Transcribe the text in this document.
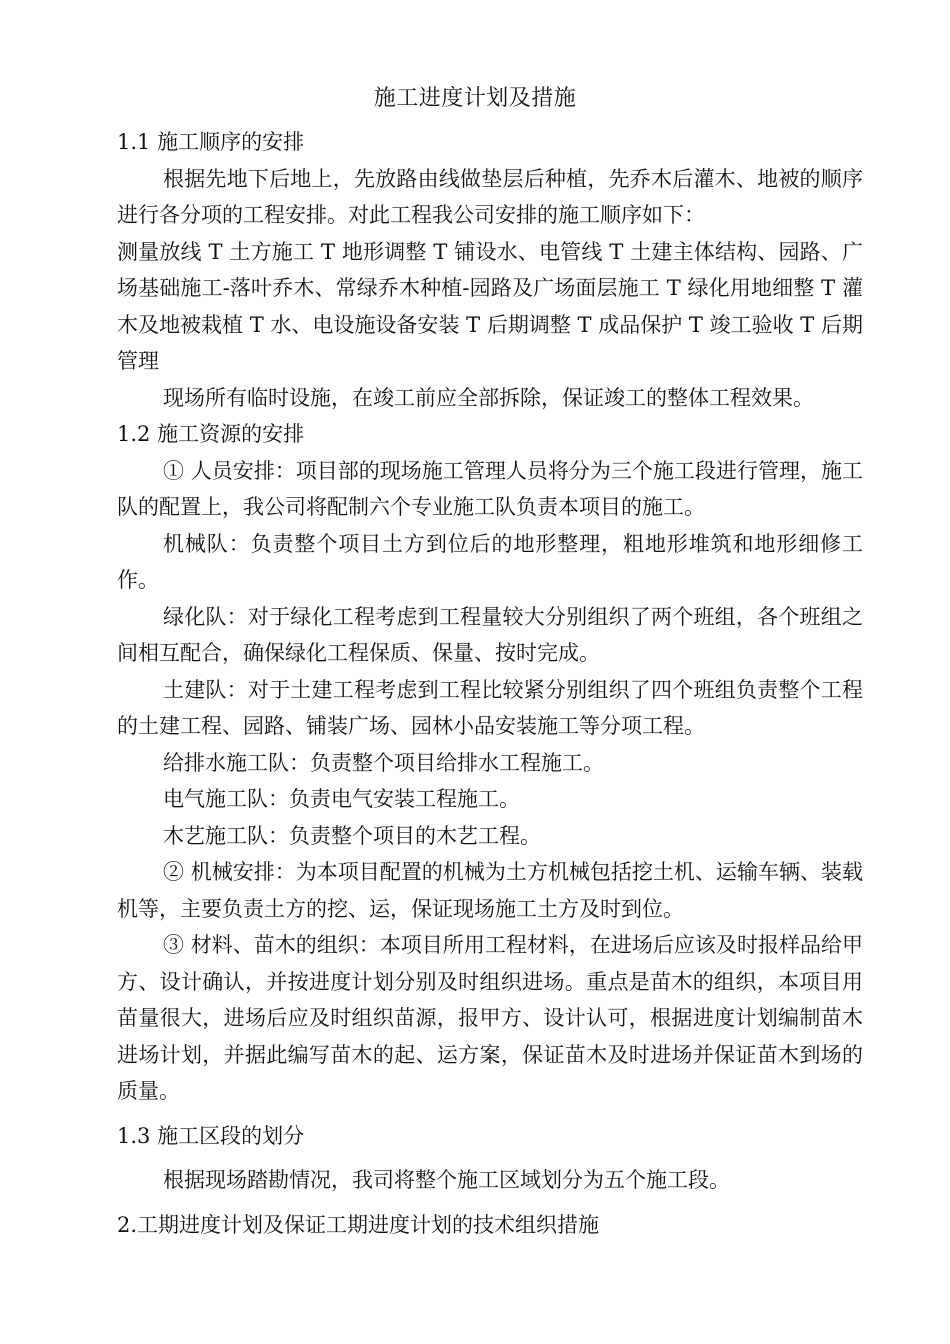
施工进度计划及措施

1.1 施工顺序的安排

根据先地下后地上，先放路由线做垫层后种植，先乔木后灌木、地被的顺序进行各分项的工程安排。对此工程我公司安排的施工顺序如下：

测量放线 T 土方施工 T 地形调整 T 铺设水、电管线 T 土建主体结构、园路、广场基础施工-落叶乔木、常绿乔木种植-园路及广场面层施工 T 绿化用地细整 T 灌木及地被栽植 T 水、电设施设备安装 T 后期调整 T 成品保护 T 竣工验收 T 后期管理

现场所有临时设施，在竣工前应全部拆除，保证竣工的整体工程效果。

1.2 施工资源的安排

① 人员安排：项目部的现场施工管理人员将分为三个施工段进行管理，施工队的配置上，我公司将配制六个专业施工队负责本项目的施工。

机械队：负责整个项目土方到位后的地形整理，粗地形堆筑和地形细修工作。

绿化队：对于绿化工程考虑到工程量较大分别组织了两个班组，各个班组之间相互配合，确保绿化工程保质、保量、按时完成。

土建队：对于土建工程考虑到工程比较紧分别组织了四个班组负责整个工程的土建工程、园路、铺装广场、园林小品安装施工等分项工程。

给排水施工队：负责整个项目给排水工程施工。

电气施工队：负责电气安装工程施工。

木艺施工队：负责整个项目的木艺工程。

② 机械安排：为本项目配置的机械为土方机械包括挖土机、运输车辆、装载机等，主要负责土方的挖、运，保证现场施工土方及时到位。

③ 材料、苗木的组织：本项目所用工程材料，在进场后应该及时报样品给甲方、设计确认，并按进度计划分别及时组织进场。重点是苗木的组织，本项目用苗量很大，进场后应及时组织苗源，报甲方、设计认可，根据进度计划编制苗木进场计划，并据此编写苗木的起、运方案，保证苗木及时进场并保证苗木到场的质量。

1.3 施工区段的划分

根据现场踏勘情况，我司将整个施工区域划分为五个施工段。

2.工期进度计划及保证工期进度计划的技术组织措施
